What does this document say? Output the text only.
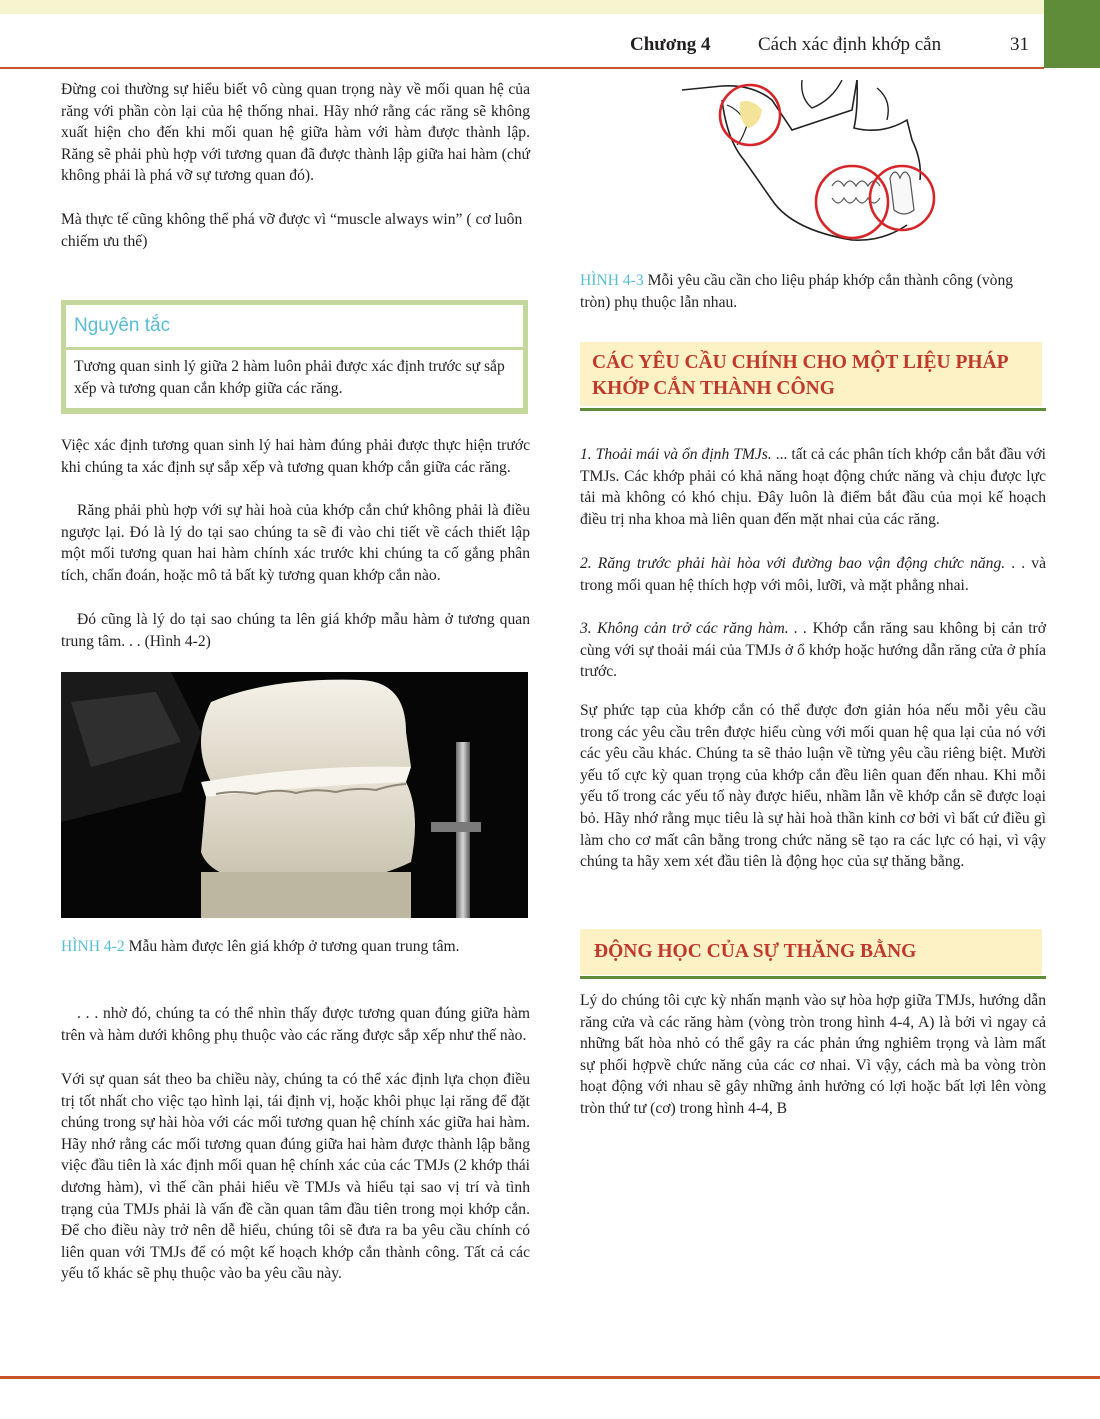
Chương 4 Cách xác định khớp cắn	31

Đừng coi thường sự hiểu biết vô cùng quan trọng này về mối quan hệ của răng với phần còn lại của hệ thống nhai. Hãy nhớ rằng các răng sẽ không xuất hiện cho đến khi mối quan hệ giữa hàm với hàm được thành lập. Răng sẽ phải phù hợp với tương quan đã được thành lập giữa hai hàm (chứ không phải là phá vỡ sự tương quan đó).

Mà thực tế cũng không thể phá vỡ được vì “muscle always win” ( cơ luôn chiếm ưu thế)

Nguyên tắc

Tương quan sinh lý giữa 2 hàm luôn phải được xác định trước sự sắp xếp và tương quan cắn khớp giữa các răng.

Việc xác định tương quan sinh lý hai hàm đúng phải được thực hiện trước khi chúng ta xác định sự sắp xếp và tương quan khớp cắn giữa các răng.

Răng phải phù hợp với sự hài hoà của khớp cắn chứ không phải là điều ngược lại. Đó là lý do tại sao chúng ta sẽ đi vào chi tiết về cách thiết lập một mối tương quan hai hàm chính xác trước khi chúng ta cố gắng phân tích, chẩn đoán, hoặc mô tả bất kỳ tương quan khớp cắn nào.

Đó cũng là lý do tại sao chúng ta lên giá khớp mẫu hàm ở tương quan trung tâm. . . (Hình 4-2)

HÌNH 4-2 Mẫu hàm được lên giá khớp ở tương quan trung tâm.

. . . nhờ đó, chúng ta có thể nhìn thấy được tương quan đúng giữa hàm trên và hàm dưới không phụ thuộc vào các răng được sắp xếp như thế nào.

Với sự quan sát theo ba chiều này, chúng ta có thể xác định lựa chọn điều trị tốt nhất cho việc tạo hình lại, tái định vị, hoặc khôi phục lại răng để đặt chúng trong sự hài hòa với các mối tương quan hệ chính xác giữa hai hàm. Hãy nhớ rằng các mối tương quan đúng giữa hai hàm được thành lập bằng việc đầu tiên là xác định mối quan hệ chính xác của các TMJs (2 khớp thái dương hàm), vì thế cần phải hiểu về TMJs và hiểu tại sao vị trí và tình trạng của TMJs phải là vấn đề cần quan tâm đầu tiên trong mọi khớp cắn. Để cho điều này trở nên dễ hiểu, chúng tôi sẽ đưa ra ba yêu cầu chính có liên quan với TMJs để có một kế hoạch khớp cắn thành công. Tất cả các yếu tố khác sẽ phụ thuộc vào ba yêu cầu này.

HÌNH 4-3 Mỗi yêu cầu cần cho liệu pháp khớp cắn thành công (vòng tròn) phụ thuộc lẫn nhau.

CÁC YÊU CẦU CHÍNH CHO MỘT LIỆU PHÁP

KHỚP CẮN THÀNH CÔNG

1. Thoải mái và ổn định TMJs. ... tất cả các phân tích khớp cắn bắt đầu với TMJs. Các khớp phải có khả năng hoạt động chức năng và chịu được lực tải mà không có khó chịu. Đây luôn là điểm bắt đầu của mọi kế hoạch điều trị nha khoa mà liên quan đến mặt nhai của các răng.

2. Răng trước phải hài hòa với đường bao vận động chức năng. . . và trong mối quan hệ thích hợp với môi, lưỡi, và mặt phẳng nhai.

3. Không cản trở các răng hàm. . . Khớp cắn răng sau không bị cản trở cùng với sự thoải mái của TMJs ở ổ khớp hoặc hướng dẫn răng cửa ở phía trước.

Sự phức tạp của khớp cắn có thể được đơn giản hóa nếu mỗi yêu cầu trong các yêu cầu trên được hiểu cùng với mối quan hệ qua lại của nó với các yêu cầu khác. Chúng ta sẽ thảo luận về từng yêu cầu riêng biệt. Mười yếu tố cực kỳ quan trọng của khớp cắn đều liên quan đến nhau. Khi mỗi yếu tố trong các yếu tố này được hiểu, nhầm lẫn về khớp cắn sẽ được loại bỏ. Hãy nhớ rằng mục tiêu là sự hài hoà thần kinh cơ bởi vì bất cứ điều gì làm cho cơ mất cân bằng trong chức năng sẽ tạo ra các lực có hại, vì vậy chúng ta hãy xem xét đầu tiên là động học của sự thăng bằng.

ĐỘNG HỌC CỦA SỰ THĂNG BẰNG

Lý do chúng tôi cực kỳ nhấn mạnh vào sự hòa hợp giữa TMJs, hướng dẫn răng cửa và các răng hàm (vòng tròn trong hình 4-4, A) là bởi vì ngay cả những bất hòa nhỏ có thể gây ra các phản ứng nghiêm trọng và làm mất sự phối hợpvề chức năng của các cơ nhai. Vì vậy, cách mà ba vòng tròn hoạt động với nhau sẽ gây những ảnh hưởng có lợi hoặc bất lợi lên vòng tròn thứ tư (cơ) trong hình 4-4, B
